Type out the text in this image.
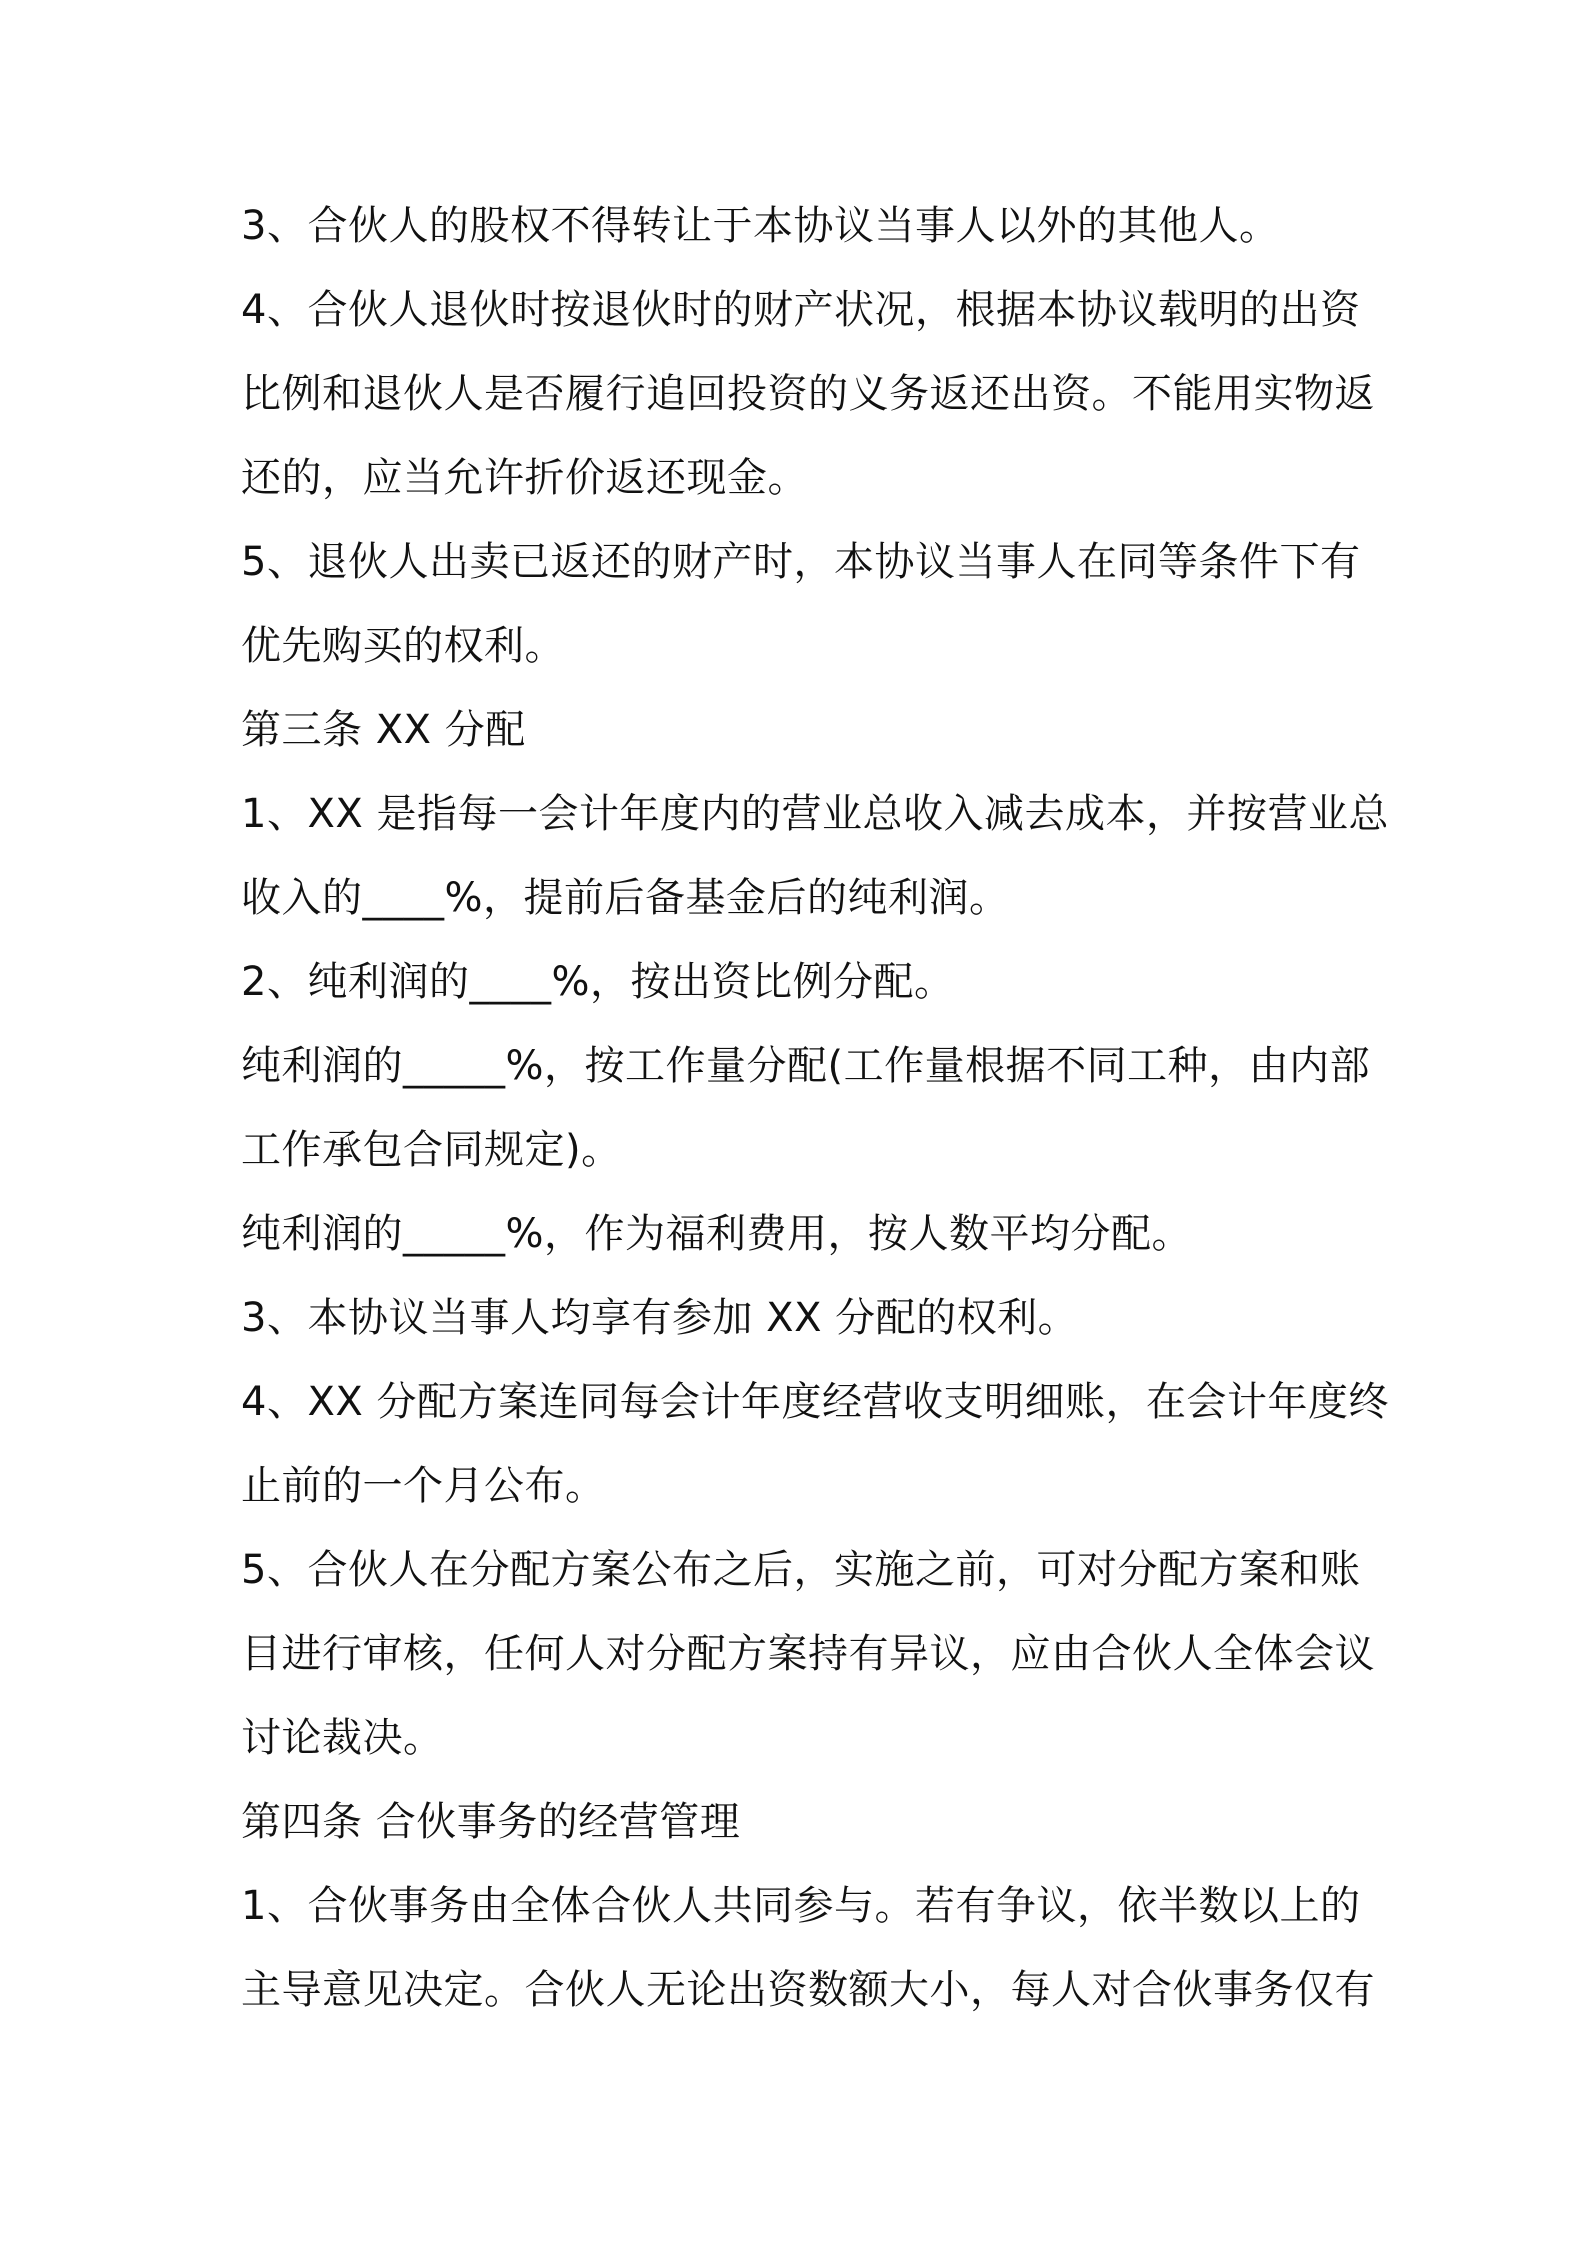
3、合伙人的股权不得转让于本协议当事人以外的其他人。
4、合伙人退伙时按退伙时的财产状况，根据本协议载明的出资
比例和退伙人是否履行追回投资的义务返还出资。不能用实物返
还的，应当允许折价返还现金。
5、退伙人出卖已返还的财产时，本协议当事人在同等条件下有
优先购买的权利。
第三条 XX 分配
1、XX 是指每一会计年度内的营业总收入减去成本，并按营业总
收入的____%，提前后备基金后的纯利润。
2、纯利润的____%，按出资比例分配。
纯利润的_____%，按工作量分配(工作量根据不同工种，由内部
工作承包合同规定)。
纯利润的_____%，作为福利费用，按人数平均分配。
3、本协议当事人均享有参加 XX 分配的权利。
4、XX 分配方案连同每会计年度经营收支明细账，在会计年度终
止前的一个月公布。
5、合伙人在分配方案公布之后，实施之前，可对分配方案和账
目进行审核，任何人对分配方案持有异议，应由合伙人全体会议
讨论裁决。
第四条 合伙事务的经营管理
1、合伙事务由全体合伙人共同参与。若有争议，依半数以上的
主导意见决定。合伙人无论出资数额大小，每人对合伙事务仅有
